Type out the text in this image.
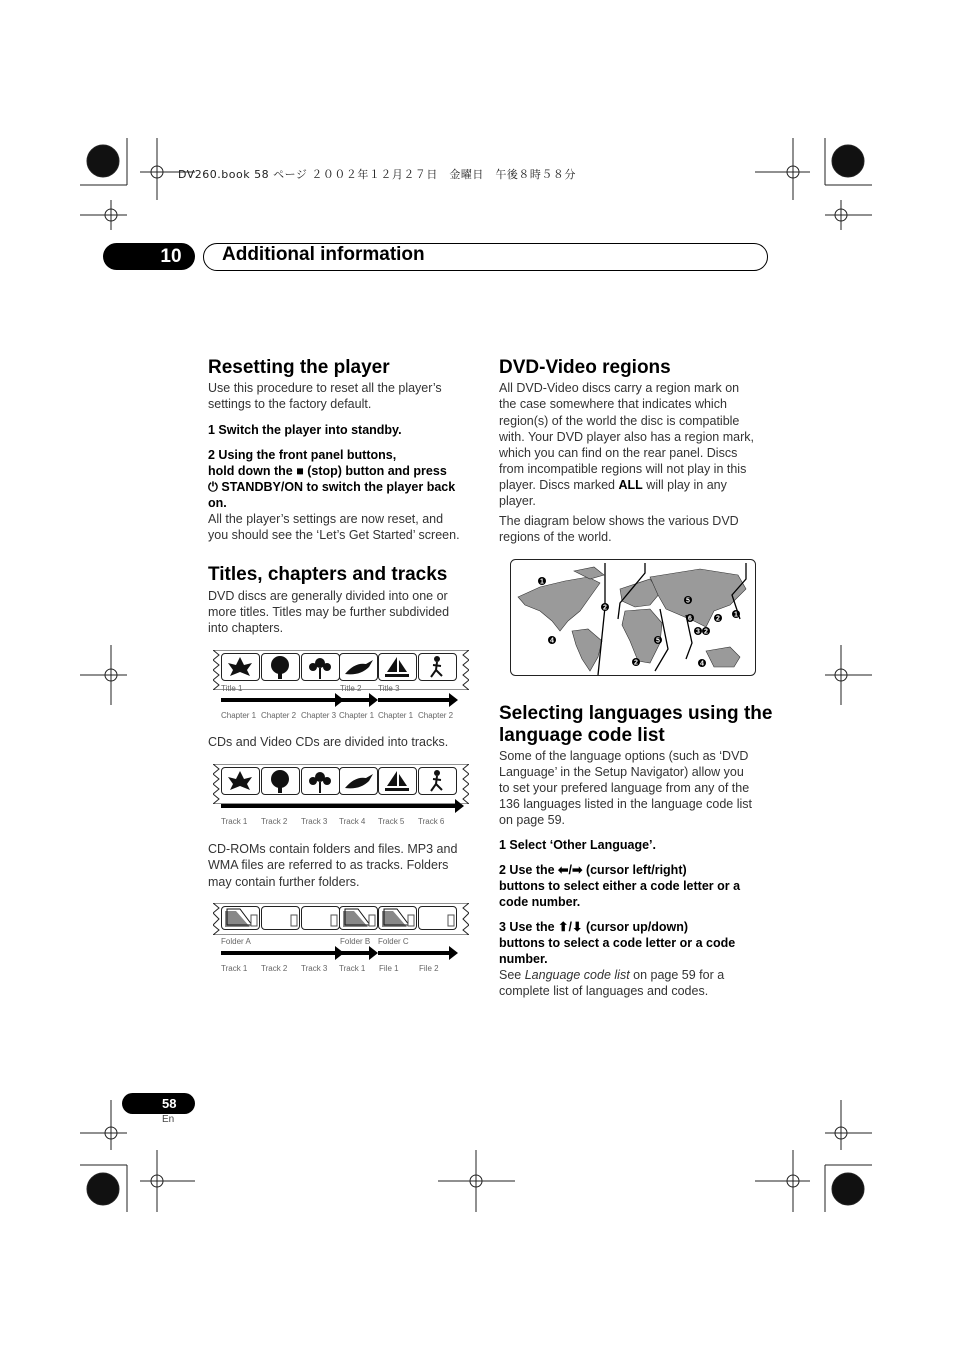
DV260.book 58 ページ ２００２年１２月２７日　金曜日　午後８時５８分
10	Additional information
Resetting the player
Use this procedure to reset all the player’s
settings to the factory default.
1 Switch the player into standby.
2 Using the front panel buttons,
hold down the ■ (stop) button and press
⏻ STANDBY/ON to switch the player back
on.
All the player’s settings are now reset, and
you should see the ‘Let’s Get Started’ screen.
Titles, chapters and tracks
DVD discs are generally divided into one or
more titles. Titles may be further subdivided
into chapters.
Title 1	Title 2 Title 3
Chapter 1 Chapter 2 Chapter 3 Chapter 1 Chapter 1 Chapter 2
CDs and Video CDs are divided into tracks.
Track 1 Track 2 Track 3 Track 4 Track 5 Track 6
CD-ROMs contain folders and files. MP3 and
WMA files are referred to as tracks. Folders
may contain further folders.
Folder A	Folder B Folder C
Track 1 Track 2 Track 3 Track 1 File 1	File 2
DVD-Video regions
All DVD-Video discs carry a region mark on
the case somewhere that indicates which
region(s) of the world the disc is compatible
with. Your DVD player also has a region mark,
which you can find on the rear panel. Discs
from incompatible regions will not play in this
player. Discs marked ALL will play in any
player.
The diagram below shows the various DVD
regions of the world.
1
2
4
5
6
1
2
3
5
2	4
2
Selecting languages using the
language code list
Some of the language options (such as ‘DVD
Language’ in the Setup Navigator) allow you
to set your prefered language from any of the
136 languages listed in the language code list
on page 59.
1 Select ‘Other Language’.
2 Use the ⬅/➡ (cursor left/right)
buttons to select either a code letter or a
code number.
3 Use the ⬆/⬇ (cursor up/down)
buttons to select a code letter or a code
number.
See Language code list on page 59 for a
complete list of languages and codes.
58
En
